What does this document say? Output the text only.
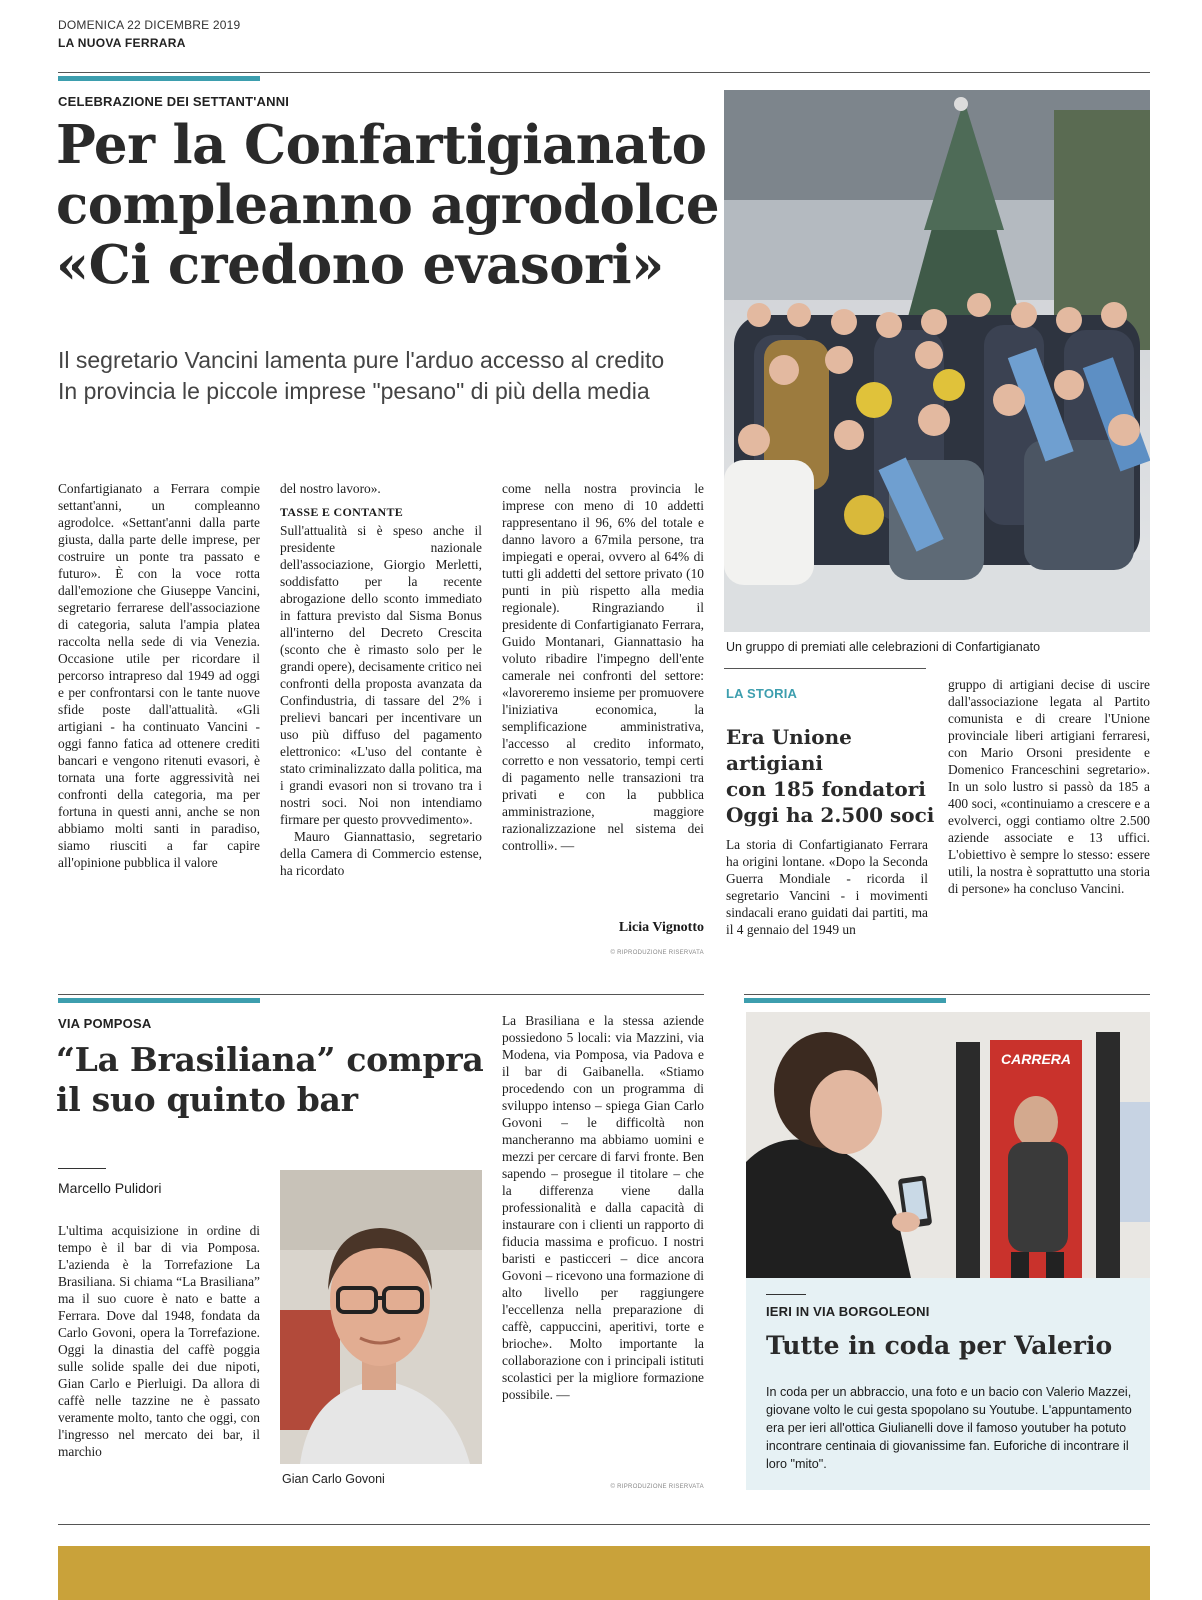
DOMENICA 22 DICEMBRE 2019
LA NUOVA FERRARA
CELEBRAZIONE DEI SETTANT'ANNI
Per la Confartigianato
compleanno agrodolce
«Ci credono evasori»
Il segretario Vancini lamenta pure l'arduo accesso al credito
In provincia le piccole imprese "pesano" di più della media

Confartigianato a Ferrara compie settant'anni, un compleanno agrodolce. «Settant'anni dalla parte giusta, dalla parte delle imprese, per costruire un ponte tra passato e futuro». È con la voce rotta dall'emozione che Giuseppe Vancini, segretario ferrarese dell'associazione di categoria, saluta l'ampia platea raccolta nella sede di via Venezia. Occasione utile per ricordare il percorso intrapreso dal 1949 ad oggi e per confrontarsi con le tante nuove sfide poste dall'attualità. «Gli artigiani - ha continuato Vancini - oggi fanno fatica ad ottenere crediti bancari e vengono ritenuti evasori, è tornata una forte aggressività nei confronti della categoria, ma per fortuna in questi anni, anche se non abbiamo molti santi in paradiso, siamo riusciti a far capire all'opinione pubblica il valore

del nostro lavoro».

TASSE E CONTANTE

Sull'attualità si è speso anche il presidente nazionale dell'associazione, Giorgio Merletti, soddisfatto per la recente abrogazione dello sconto immediato in fattura previsto dal Sisma Bonus all'interno del Decreto Crescita (sconto che è rimasto solo per le grandi opere), decisamente critico nei confronti della proposta avanzata da Confindustria, di tassare del 2% i prelievi bancari per incentivare un uso più diffuso del pagamento elettronico: «L'uso del contante è stato criminalizzato dalla politica, ma i grandi evasori non si trovano tra i nostri soci. Noi non intendiamo firmare per questo provvedimento».

Mauro Giannattasio, segretario della Camera di Commercio estense, ha ricordato

come nella nostra provincia le imprese con meno di 10 addetti rappresentano il 96, 6% del totale e danno lavoro a 67mila persone, tra impiegati e operai, ovvero al 64% di tutti gli addetti del settore privato (10 punti in più rispetto alla media regionale). Ringraziando il presidente di Confartigianato Ferrara, Guido Montanari, Giannattasio ha voluto ribadire l'impegno dell'ente camerale nei confronti del settore: «lavoreremo insieme per promuovere l'iniziativa economica, la semplificazione amministrativa, l'accesso al credito informato, corretto e non vessatorio, tempi certi di pagamento nelle transazioni tra privati e con la pubblica amministrazione, maggiore razionalizzazione nel sistema dei controlli». —

Licia Vignotto
© RIPRODUZIONE RISERVATA
Un gruppo di premiati alle celebrazioni di Confartigianato
LA STORIA
Era Unione artigiani
con 185 fondatori
Oggi ha 2.500 soci

La storia di Confartigianato Ferrara ha origini lontane. «Dopo la Seconda Guerra Mondiale - ricorda il segretario Vancini - i movimenti sindacali erano guidati dai partiti, ma il 4 gennaio del 1949 un

gruppo di artigiani decise di uscire dall'associazione legata al Partito comunista e di creare l'Unione provinciale liberi artigiani ferraresi, con Mario Orsoni presidente e Domenico Franceschini segretario». In un solo lustro si passò da 185 a 400 soci, «continuiamo a crescere e a evolverci, oggi contiamo oltre 2.500 aziende associate e 13 uffici. L'obiettivo è sempre lo stesso: essere utili, la nostra è soprattutto una storia di persone» ha concluso Vancini.

VIA POMPOSA
“La Brasiliana” compra
il suo quinto bar
Marcello Pulidori

L'ultima acquisizione in ordine di tempo è il bar di via Pomposa. L'azienda è la Torrefazione La Brasiliana. Si chiama “La Brasiliana” ma il suo cuore è nato e batte a Ferrara. Dove dal 1948, fondata da Carlo Govoni, opera la Torrefazione. Oggi la dinastia del caffè poggia sulle solide spalle dei due nipoti, Gian Carlo e Pierluigi. Da allora di caffè nelle tazzine ne è passato veramente molto, tanto che oggi, con l'ingresso nel mercato dei bar, il marchio

Gian Carlo Govoni

La Brasiliana e la stessa aziende possiedono 5 locali: via Mazzini, via Modena, via Pomposa, via Padova e il bar di Gaibanella. «Stiamo procedendo con un programma di sviluppo intenso – spiega Gian Carlo Govoni – le difficoltà non mancheranno ma abbiamo uomini e mezzi per cercare di farvi fronte. Ben sapendo – prosegue il titolare – che la differenza viene dalla professionalità e dalla capacità di instaurare con i clienti un rapporto di fiducia massima e proficuo. I nostri baristi e pasticceri – dice ancora Govoni – ricevono una formazione di alto livello per raggiungere l'eccellenza nella preparazione di caffè, cappuccini, aperitivi, torte e brioche». Molto importante la collaborazione con i principali istituti scolastici per la migliore formazione possibile. —

© RIPRODUZIONE RISERVATA
CARRERA
IERI IN VIA BORGOLEONI
Tutte in coda per Valerio
In coda per un abbraccio, una foto e un bacio con Valerio Mazzei, giovane volto le cui gesta spopolano su Youtube. L'appuntamento era per ieri all'ottica Giulianelli dove il famoso youtuber ha potuto incontrare centinaia di giovanissime fan. Euforiche di incontrare il loro "mito".
